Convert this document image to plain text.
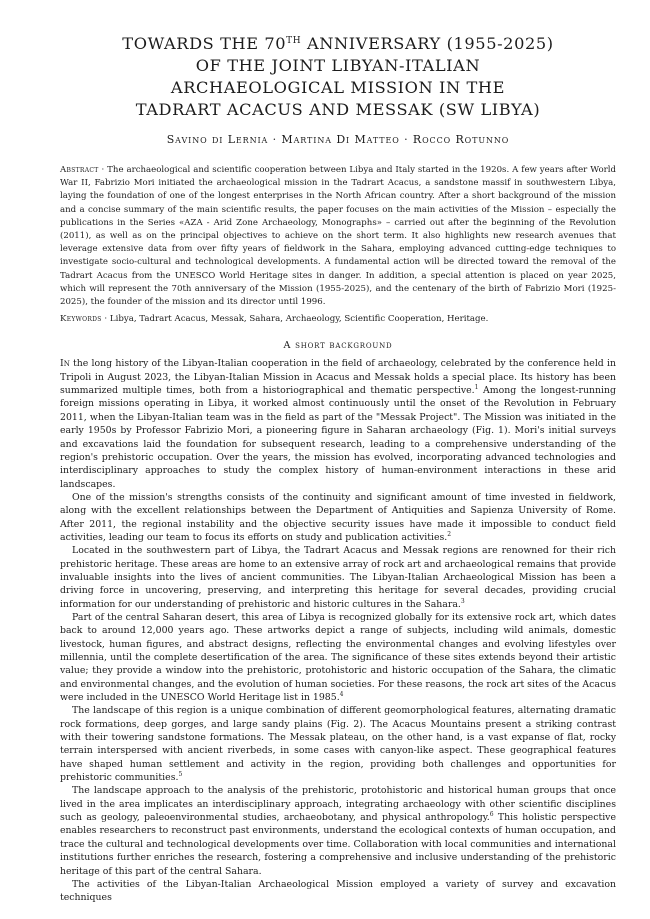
TOWARDS THE 70TH ANNIVERSARY (1955-2025)
OF THE JOINT LIBYAN-ITALIAN
ARCHAEOLOGICAL MISSION IN THE
TADRART ACACUS AND MESSAK (SW LIBYA)
Savino di Lernia · Martina Di Matteo · Rocco Rotunno
Abstract · The archaeological and scientific cooperation between Libya and Italy started in the 1920s. A few years after World War II, Fabrizio Mori initiated the archaeological mission in the Tadrart Acacus, a sandstone massif in southwestern Libya, laying the foundation of one of the longest enterprises in the North African country. After a short background of the mission and a concise summary of the main scientific results, the paper focuses on the main activities of the Mission – especially the publications in the Series «AZA - Arid Zone Archaeology, Monographs» – carried out after the beginning of the Revolution (2011), as well as on the principal objectives to achieve on the short term. It also highlights new research avenues that leverage extensive data from over fifty years of fieldwork in the Sahara, employing advanced cutting-edge techniques to investigate socio-cultural and technological developments. A fundamental action will be directed toward the removal of the Tadrart Acacus from the UNESCO World Heritage sites in danger. In addition, a special attention is placed on year 2025, which will represent the 70th anniversary of the Mission (1955-2025), and the centenary of the birth of Fabrizio Mori (1925-2025), the founder of the mission and its director until 1996.
Keywords · Libya, Tadrart Acacus, Messak, Sahara, Archaeology, Scientific Cooperation, Heritage.
A short background

In the long history of the Libyan-Italian cooperation in the field of archaeology, celebrated by the conference held in Tripoli in August 2023, the Libyan-Italian Mission in Acacus and Messak holds a special place. Its history has been summarized multiple times, both from a historiographical and thematic perspective.$^1$ Among the longest-running foreign missions operating in Libya, it worked almost continuously until the onset of the Revolution in February 2011, when the Libyan-Italian team was in the field as part of the "Messak Project". The Mission was initiated in the early 1950s by Professor Fabrizio Mori, a pioneering figure in Saharan archaeology (Fig. 1). Mori's initial surveys and excavations laid the foundation for subsequent research, leading to a comprehensive understanding of the region's prehistoric occupation. Over the years, the mission has evolved, incorporating advanced technologies and interdisciplinary approaches to study the complex history of human-environment interactions in these arid landscapes.

One of the mission's strengths consists of the continuity and significant amount of time invested in fieldwork, along with the excellent relationships between the Department of Antiquities and Sapienza University of Rome. After 2011, the regional instability and the objective security issues have made it impossible to conduct field activities, leading our team to focus its efforts on study and publication activities.$^2$

Located in the southwestern part of Libya, the Tadrart Acacus and Messak regions are renowned for their rich prehistoric heritage. These areas are home to an extensive array of rock art and archaeological remains that provide invaluable insights into the lives of ancient communities. The Libyan-Italian Archaeological Mission has been a driving force in uncovering, preserving, and interpreting this heritage for several decades, providing crucial information for our understanding of prehistoric and historic cultures in the Sahara.$^3$

Part of the central Saharan desert, this area of Libya is recognized globally for its extensive rock art, which dates back to around 12,000 years ago. These artworks depict a range of subjects, including wild animals, domestic livestock, human figures, and abstract designs, reflecting the environmental changes and evolving lifestyles over millennia, until the complete desertification of the area. The significance of these sites extends beyond their artistic value; they provide a window into the prehistoric, protohistoric and historic occupation of the Sahara, the climatic and environmental changes, and the evolution of human societies. For these reasons, the rock art sites of the Acacus were included in the UNESCO World Heritage list in 1985.$^4$

The landscape of this region is a unique combination of different geomorphological features, alternating dramatic rock formations, deep gorges, and large sandy plains (Fig. 2). The Acacus Mountains present a striking contrast with their towering sandstone formations. The Messak plateau, on the other hand, is a vast expanse of flat, rocky terrain interspersed with ancient riverbeds, in some cases with canyon-like aspect. These geographical features have shaped human settlement and activity in the region, providing both challenges and opportunities for prehistoric communities.$^5$

The landscape approach to the analysis of the prehistoric, protohistoric and historical human groups that once lived in the area implicates an interdisciplinary approach, integrating archaeology with other scientific disciplines such as geology, paleoenvironmental studies, archaeobotany, and physical anthropology.$^6$ This holistic perspective enables researchers to reconstruct past environments, understand the ecological contexts of human occupation, and trace the cultural and technological developments over time. Collaboration with local communities and international institutions further enriches the research, fostering a comprehensive and inclusive understanding of the prehistoric heritage of this part of the central Sahara.

The activities of the Libyan-Italian Archaeological Mission employed a variety of survey and excavation techniques
